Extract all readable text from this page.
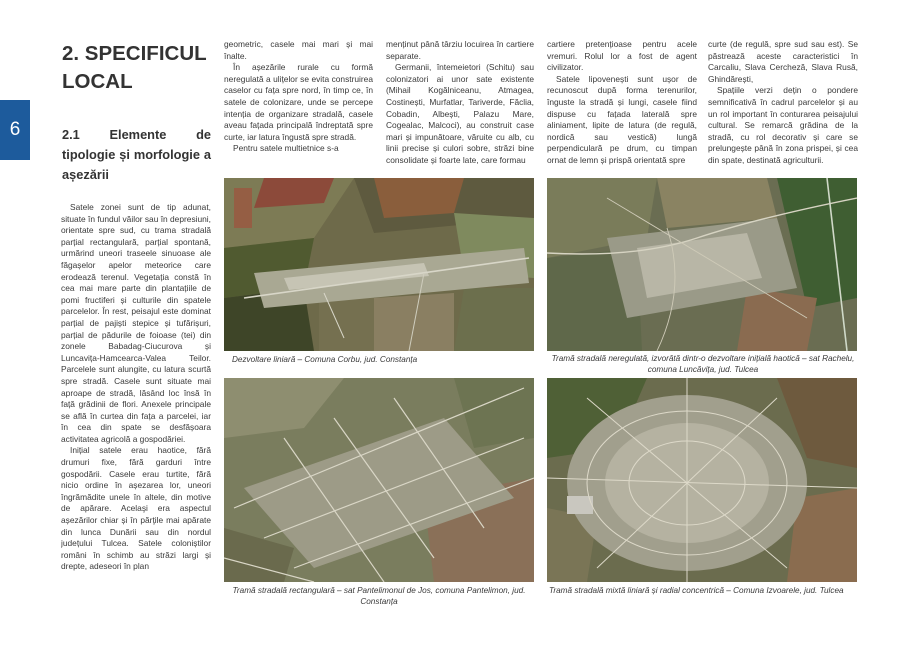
6
2. SPECIFICUL LOCAL
2.1 Elemente de tipologie și morfologie a așezării

Satele zonei sunt de tip adunat, situate în fundul văilor sau în depresiuni, orientate spre sud, cu trama stradală parțial rectangulară, parțial spontană, urmărind uneori traseele sinuoase ale făgașelor apelor meteorice care erodează terenul. Vegetația constă în cea mai mare parte din plantațiile de pomi fructiferi și culturile din spatele parcelelor. În rest, peisajul este dominat parțial de pajiști stepice și tufărișuri, parțial de pădurile de foioase (tei) din zonele Babadag-Ciucurova și Luncavița-Hamcearca-Valea Teilor. Parcelele sunt alungite, cu latura scurtă spre stradă. Casele sunt situate mai aproape de stradă, lăsând loc însă în față grădinii de flori. Anexele principale se află în curtea din fața a parcelei, iar în cea din spate se desfășoara activitatea agricolă a gospodăriei.

Inițial satele erau haotice, fără drumuri fixe, fără garduri între gospodării. Casele erau turtite, fără nicio ordine în așezarea lor, uneori îngrămădite unele în altele, din motive de apărare. Acelaşi era aspectul așezărilor chiar și în părţile mai apărate din lunca Dunării sau din nordul județului Tulcea. Satele coloniștilor români în schimb au străzi largi și drepte, adeseori în plan

geometric, casele mai mari și mai înalte.

În așezările rurale cu formă neregulată a ulițelor se evita construirea caselor cu fața spre nord, în timp ce, în satele de colonizare, unde se percepe intenția de organizare stradală, casele aveau fațada principală îndreptată spre curte, iar latura îngustă spre stradă.

Pentru satele multietnice s-a

menținut până târziu locuirea în cartiere separate.

Germanii, întemeietori (Schitu) sau colonizatori ai unor sate existente (Mihail Kogălniceanu, Atmagea, Costinești, Murfatlar, Tariverde, Făclia, Cobadin, Albești, Palazu Mare, Cogealac, Malcoci), au construit case mari și impunătoare, văruite cu alb, cu linii precise și culori sobre, străzi bine consolidate și foarte late, care formau

cartiere pretențioase pentru acele vremuri. Rolul lor a fost de agent civilizator.

Satele lipovenești sunt ușor de recunoscut după forma terenurilor, înguste la stradă și lungi, casele fiind dispuse cu fațada laterală spre aliniament, lipite de latura (de regulă, nordică sau vestică) lungă perpendiculară pe drum, cu timpan ornat de lemn și prispă orientată spre

curte (de regulă, spre sud sau est). Se păstrează aceste caracteristici în Carcaliu, Slava Cercheză, Slava Rusă, Ghindărești,

Spațiile verzi dețin o pondere semnificativă în cadrul parcelelor și au un rol important în conturarea peisajului cultural. Se remarcă grădina de la stradă, cu rol decorativ și care se prelungește până în zona prispei, și cea din spate, destinată agriculturii.

Dezvoltare liniară – Comuna Corbu, jud. Constanța	Tramă stradală neregulată, izvorâtă dintr-o dezvoltare inițială haotică – sat Rachelu, comuna Luncăvița, jud. Tulcea
Tramă stradală rectangulară – sat Pantelimonul de Jos, comuna Pantelimon, jud. Constanța
Tramă stradală mixtă liniară și radial concentrică – Comuna Izvoarele, jud. Tulcea
